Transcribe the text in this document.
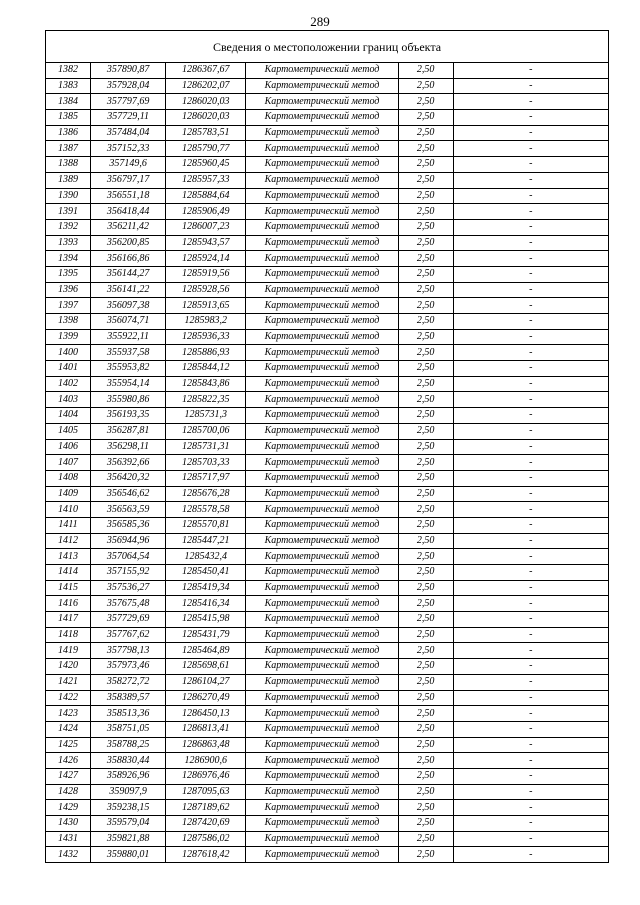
289
Сведения о местоположении границ объекта					
1382	357890,87	1286367,67	Картометрический метод	2,50	-
1383	357928,04	1286202,07	Картометрический метод	2,50	-
1384	357797,69	1286020,03	Картометрический метод	2,50	-
1385	357729,11	1286020,03	Картометрический метод	2,50	-
1386	357484,04	1285783,51	Картометрический метод	2,50	-
1387	357152,33	1285790,77	Картометрический метод	2,50	-
1388	357149,6	1285960,45	Картометрический метод	2,50	-
1389	356797,17	1285957,33	Картометрический метод	2,50	-
1390	356551,18	1285884,64	Картометрический метод	2,50	-
1391	356418,44	1285906,49	Картометрический метод	2,50	-
1392	356211,42	1286007,23	Картометрический метод	2,50	-
1393	356200,85	1285943,57	Картометрический метод	2,50	-
1394	356166,86	1285924,14	Картометрический метод	2,50	-
1395	356144,27	1285919,56	Картометрический метод	2,50	-
1396	356141,22	1285928,56	Картометрический метод	2,50	-
1397	356097,38	1285913,65	Картометрический метод	2,50	-
1398	356074,71	1285983,2	Картометрический метод	2,50	-
1399	355922,11	1285936,33	Картометрический метод	2,50	-
1400	355937,58	1285886,93	Картометрический метод	2,50	-
1401	355953,82	1285844,12	Картометрический метод	2,50	-
1402	355954,14	1285843,86	Картометрический метод	2,50	-
1403	355980,86	1285822,35	Картометрический метод	2,50	-
1404	356193,35	1285731,3	Картометрический метод	2,50	-
1405	356287,81	1285700,06	Картометрический метод	2,50	-
1406	356298,11	1285731,31	Картометрический метод	2,50	-
1407	356392,66	1285703,33	Картометрический метод	2,50	-
1408	356420,32	1285717,97	Картометрический метод	2,50	-
1409	356546,62	1285676,28	Картометрический метод	2,50	-
1410	356563,59	1285578,58	Картометрический метод	2,50	-
1411	356585,36	1285570,81	Картометрический метод	2,50	-
1412	356944,96	1285447,21	Картометрический метод	2,50	-
1413	357064,54	1285432,4	Картометрический метод	2,50	-
1414	357155,92	1285450,41	Картометрический метод	2,50	-
1415	357536,27	1285419,34	Картометрический метод	2,50	-
1416	357675,48	1285416,34	Картометрический метод	2,50	-
1417	357729,69	1285415,98	Картометрический метод	2,50	-
1418	357767,62	1285431,79	Картометрический метод	2,50	-
1419	357798,13	1285464,89	Картометрический метод	2,50	-
1420	357973,46	1285698,61	Картометрический метод	2,50	-
1421	358272,72	1286104,27	Картометрический метод	2,50	-
1422	358389,57	1286270,49	Картометрический метод	2,50	-
1423	358513,36	1286450,13	Картометрический метод	2,50	-
1424	358751,05	1286813,41	Картометрический метод	2,50	-
1425	358788,25	1286863,48	Картометрический метод	2,50	-
1426	358830,44	1286900,6	Картометрический метод	2,50	-
1427	358926,96	1286976,46	Картометрический метод	2,50	-
1428	359097,9	1287095,63	Картометрический метод	2,50	-
1429	359238,15	1287189,62	Картометрический метод	2,50	-
1430	359579,04	1287420,69	Картометрический метод	2,50	-
1431	359821,88	1287586,02	Картометрический метод	2,50	-
1432	359880,01	1287618,42	Картометрический метод	2,50	-
